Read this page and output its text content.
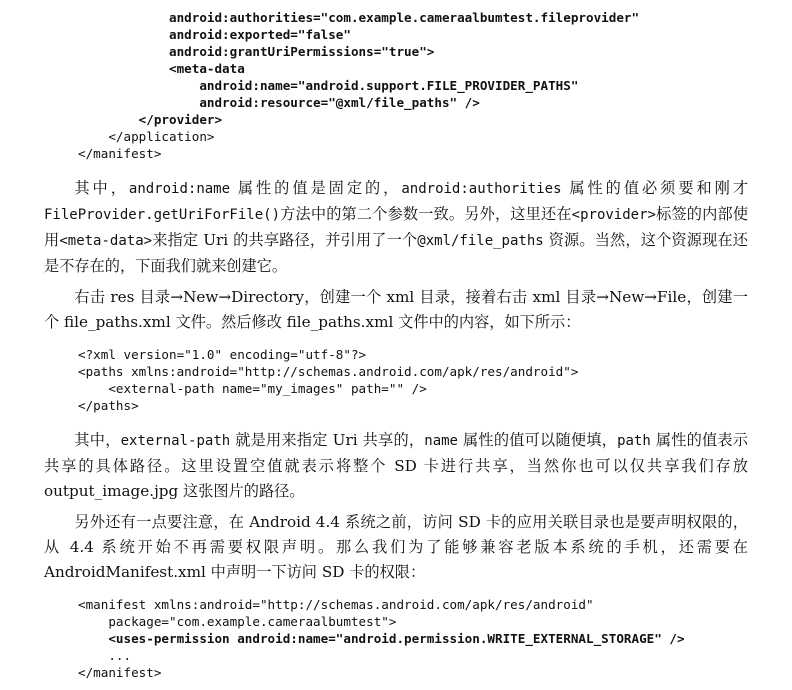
android:authorities="com.example.cameraalbumtest.fileprovider"
android:exported="false"
android:grantUriPermissions="true">
<meta-data
android:name="android.support.FILE_PROVIDER_PATHS"
android:resource="@xml/file_paths" />
</provider>
</application>
</manifest>

其中，android:name 属性的值是固定的，android:authorities 属性的值必须要和刚才FileProvider.getUriForFile()方法中的第二个参数一致。另外，这里还在<provider>标签的内部使用<meta-data>来指定 Uri 的共享路径，并引用了一个@xml/file_paths 资源。当然，这个资源现在还是不存在的，下面我们就来创建它。

右击 res 目录→New→Directory，创建一个 xml 目录，接着右击 xml 目录→New→File，创建一个 file_paths.xml 文件。然后修改 file_paths.xml 文件中的内容，如下所示：

<?xml version="1.0" encoding="utf-8"?>
<paths xmlns:android="http://schemas.android.com/apk/res/android">
<external-path name="my_images" path="" />
</paths>

其中，external-path 就是用来指定 Uri 共享的，name 属性的值可以随便填，path 属性的值表示共享的具体路径。这里设置空值就表示将整个 SD 卡进行共享，当然你也可以仅共享我们存放 output_image.jpg 这张图片的路径。

另外还有一点要注意，在 Android 4.4 系统之前，访问 SD 卡的应用关联目录也是要声明权限的，从 4.4 系统开始不再需要权限声明。那么我们为了能够兼容老版本系统的手机，还需要在 AndroidManifest.xml 中声明一下访问 SD 卡的权限：

<manifest xmlns:android="http://schemas.android.com/apk/res/android"
package="com.example.cameraalbumtest">
<uses-permission android:name="android.permission.WRITE_EXTERNAL_STORAGE" />
...
</manifest>
